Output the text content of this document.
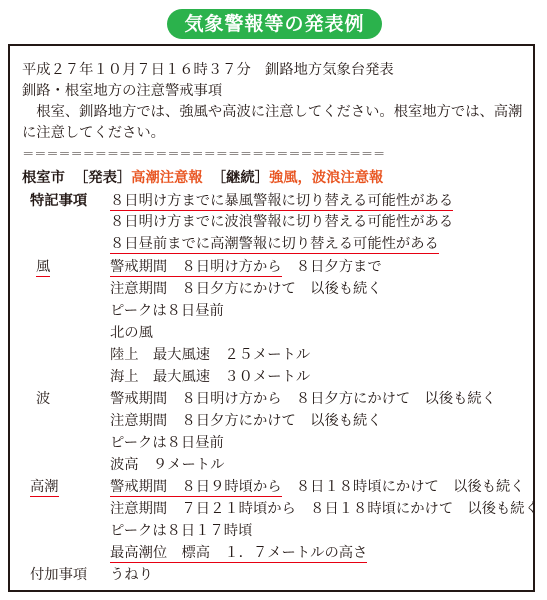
気象警報等の発表例
平成２７年１０月７日１６時３７分　釧路地方気象台発表
釧路・根室地方の注意警戒事項
　根室、釧路地方では、強風や高波に注意してください。根室地方では、高潮
に注意してください。
＝＝＝＝＝＝＝＝＝＝＝＝＝＝＝＝＝＝＝＝＝＝＝＝＝＝＝＝＝＝
根室市 ［発表］高潮注意報 ［継続］強風，波浪注意報
特記事項 ８日明け方までに暴風警報に切り替える可能性がある
８日明け方までに波浪警報に切り替える可能性がある
８日昼前までに高潮警報に切り替える可能性がある
風	警戒期間　８日明け方から　８日夕方まで
注意期間　８日夕方にかけて　以後も続く
ピークは８日昼前
北の風
陸上　最大風速　２５メートル
海上　最大風速　３０メートル
波	警戒期間　８日明け方から　８日夕方にかけて　以後も続く
注意期間　８日夕方にかけて　以後も続く
ピークは８日昼前
波高　９メートル
高潮	警戒期間　８日９時頃から　８日１８時頃にかけて　以後も続く
注意期間　７日２１時頃から　８日１８時頃にかけて　以後も続く
ピークは８日１７時頃
最高潮位　標高　１．７メートルの高さ
付加事項 うねり
